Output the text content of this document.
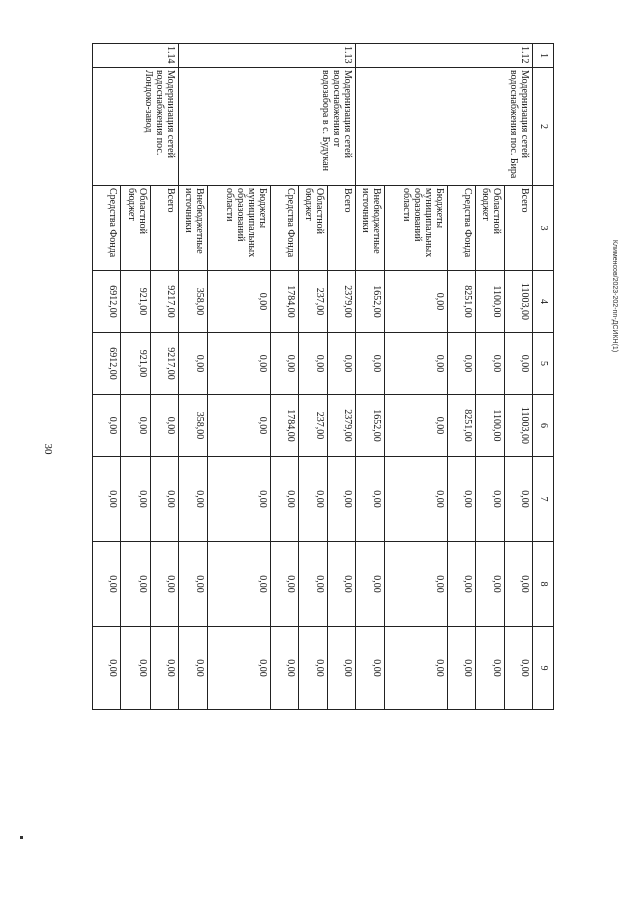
30
Клименсов/2023-202-nn-ДСИКН(1)
1	2	3	4	5	6	7	8	9
1.12	Модернизация сетей водоснабжения пос. Бира	Всего	11003,00	0,00	11003,00	0,00	0,00	0,00
		Областной бюджет	1100,00	0,00	1100,00	0,00	0,00	0,00
		Средства Фонда	8251,00	0,00	8251,00	0,00	0,00	0,00
		Бюджеты муниципальных образований области	0,00	0,00	0,00	0,00	0,00	0,00
		Внебюджетные источники	1652,00	0,00	1652,00	0,00	0,00	0,00
1.13	Модернизация сетей водоснабжения от водозабора в с. Будукан	Всего	2379,00	0,00	2379,00	0,00	0,00	0,00
		Областной бюджет	237,00	0,00	237,00	0,00	0,00	0,00
		Средства Фонда	1784,00	0,00	1784,00	0,00	0,00	0,00
		Бюджеты муниципальных образований области	0,00	0,00	0,00	0,00	0,00	0,00
		Внебюджетные источники	358,00	0,00	358,00	0,00	0,00	0,00
1.14	Модернизация сетей водоснабжения пос. Лондоко-завод	Всего	9217,00	9217,00	0,00	0,00	0,00	0,00
		Областной бюджет	921,00	921,00	0,00	0,00	0,00	0,00
		Средства Фонда	6912,00	6912,00	0,00	0,00	0,00	0,00
